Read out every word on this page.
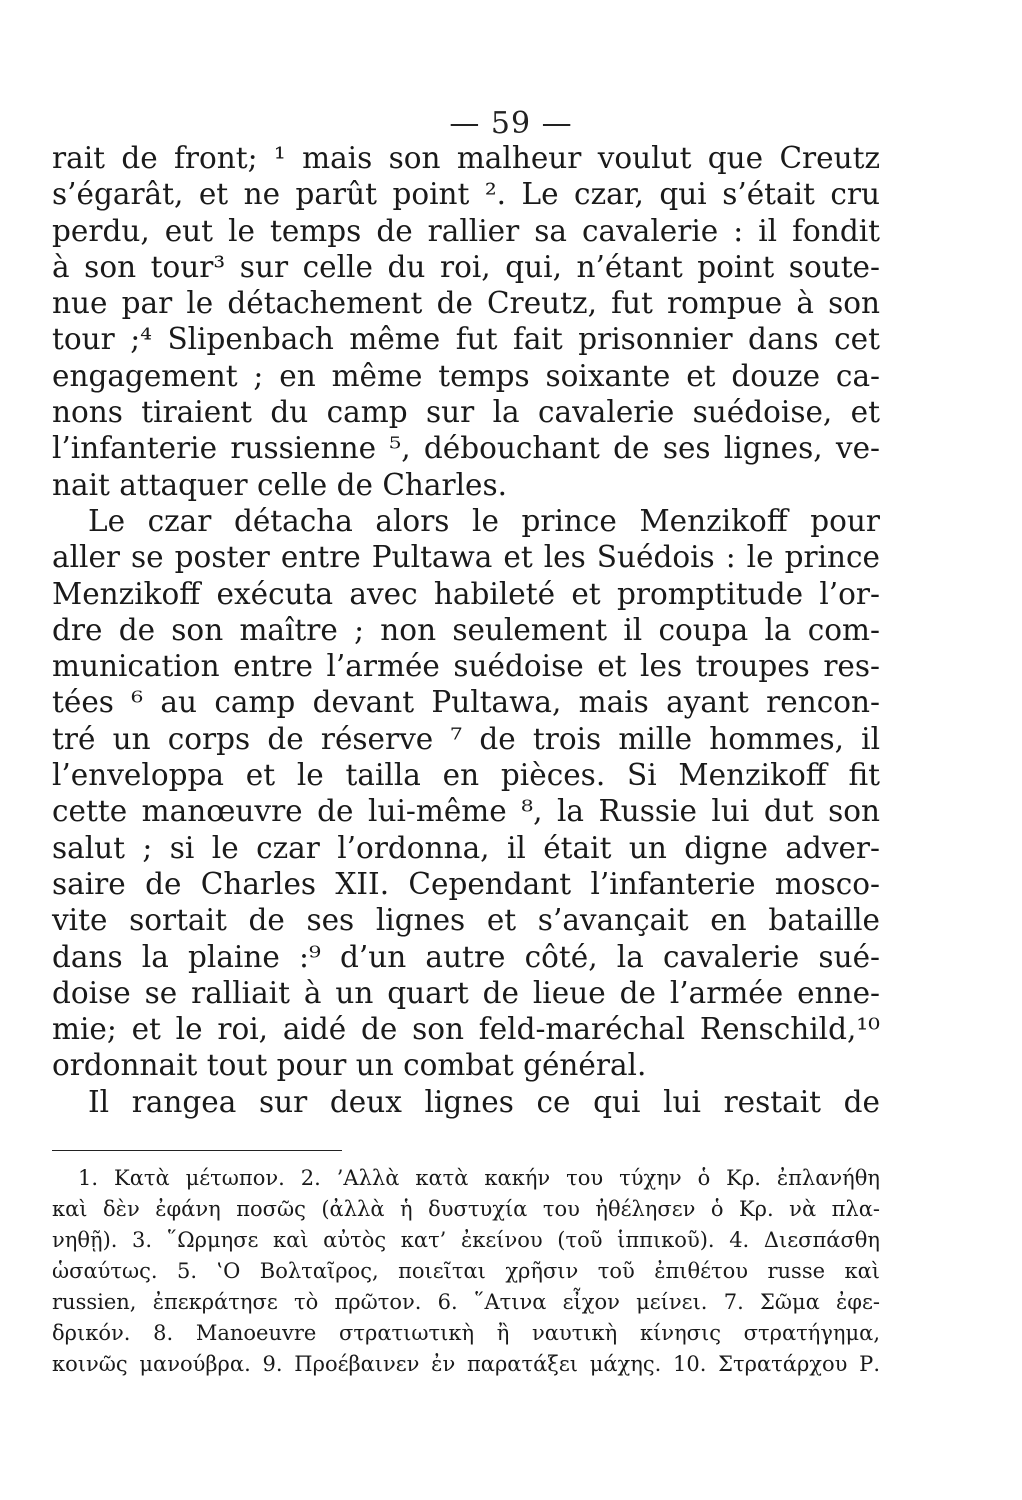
— 59 —
rait de front; ¹ mais son malheur voulut que Creutz
s’égarât, et ne parût point ². Le czar, qui s’était cru
perdu, eut le temps de rallier sa cavalerie : il fondit
à son tour³ sur celle du roi, qui, n’étant point soute-
nue par le détachement de Creutz, fut rompue à son
tour ;⁴ Slipenbach même fut fait prisonnier dans cet
engagement ; en même temps soixante et douze ca-
nons tiraient du camp sur la cavalerie suédoise, et
l’infanterie russienne ⁵, débouchant de ses lignes, ve-
nait attaquer celle de Charles.
Le czar détacha alors le prince Menzikoff pour
aller se poster entre Pultawa et les Suédois : le prince
Menzikoff exécuta avec habileté et promptitude l’or-
dre de son maître ; non seulement il coupa la com-
munication entre l’armée suédoise et les troupes res-
tées ⁶ au camp devant Pultawa, mais ayant rencon-
tré un corps de réserve ⁷ de trois mille hommes, il
l’enveloppa et le tailla en pièces. Si Menzikoff fit
cette manœuvre de lui-même ⁸, la Russie lui dut son
salut ; si le czar l’ordonna, il était un digne adver-
saire de Charles XII. Cependant l’infanterie mosco-
vite sortait de ses lignes et s’avançait en bataille
dans la plaine :⁹ d’un autre côté, la cavalerie sué-
doise se ralliait à un quart de lieue de l’armée enne-
mie; et le roi, aidé de son feld-maréchal Renschild,¹⁰
ordonnait tout pour un combat général.
Il rangea sur deux lignes ce qui lui restait de
1. Κατὰ μέτωπον. 2. ’Αλλὰ κατὰ κακήν του τύχην ὁ Κρ. ἐπλανήθη
καὶ δὲν ἐφάνη ποσῶς (ἀλλὰ ἡ δυστυχία του ἠθέλησεν ὁ Κρ. νὰ πλα-
νηθῇ). 3. ῞Ωρμησε καὶ αὐτὸς κατ’ ἐκείνου (τοῦ ἱππικοῦ). 4. Διεσπάσθη
ὡσαύτως. 5. ‛Ο Βολταῖρος, ποιεῖται χρῆσιν τοῦ ἐπιθέτου russe καὶ
russien, ἐπεκράτησε τὸ πρῶτον. 6. ῞Ατινα εἶχον μείνει. 7. Σῶμα ἐφε-
δρικόν. 8. Manoeuvre στρατιωτικὴ ἢ ναυτικὴ κίνησις στρατήγημα,
κοινῶς μανούβρα. 9. Προέβαινεν ἐν παρατάξει μάχης. 10. Στρατάρχου Ρ.
